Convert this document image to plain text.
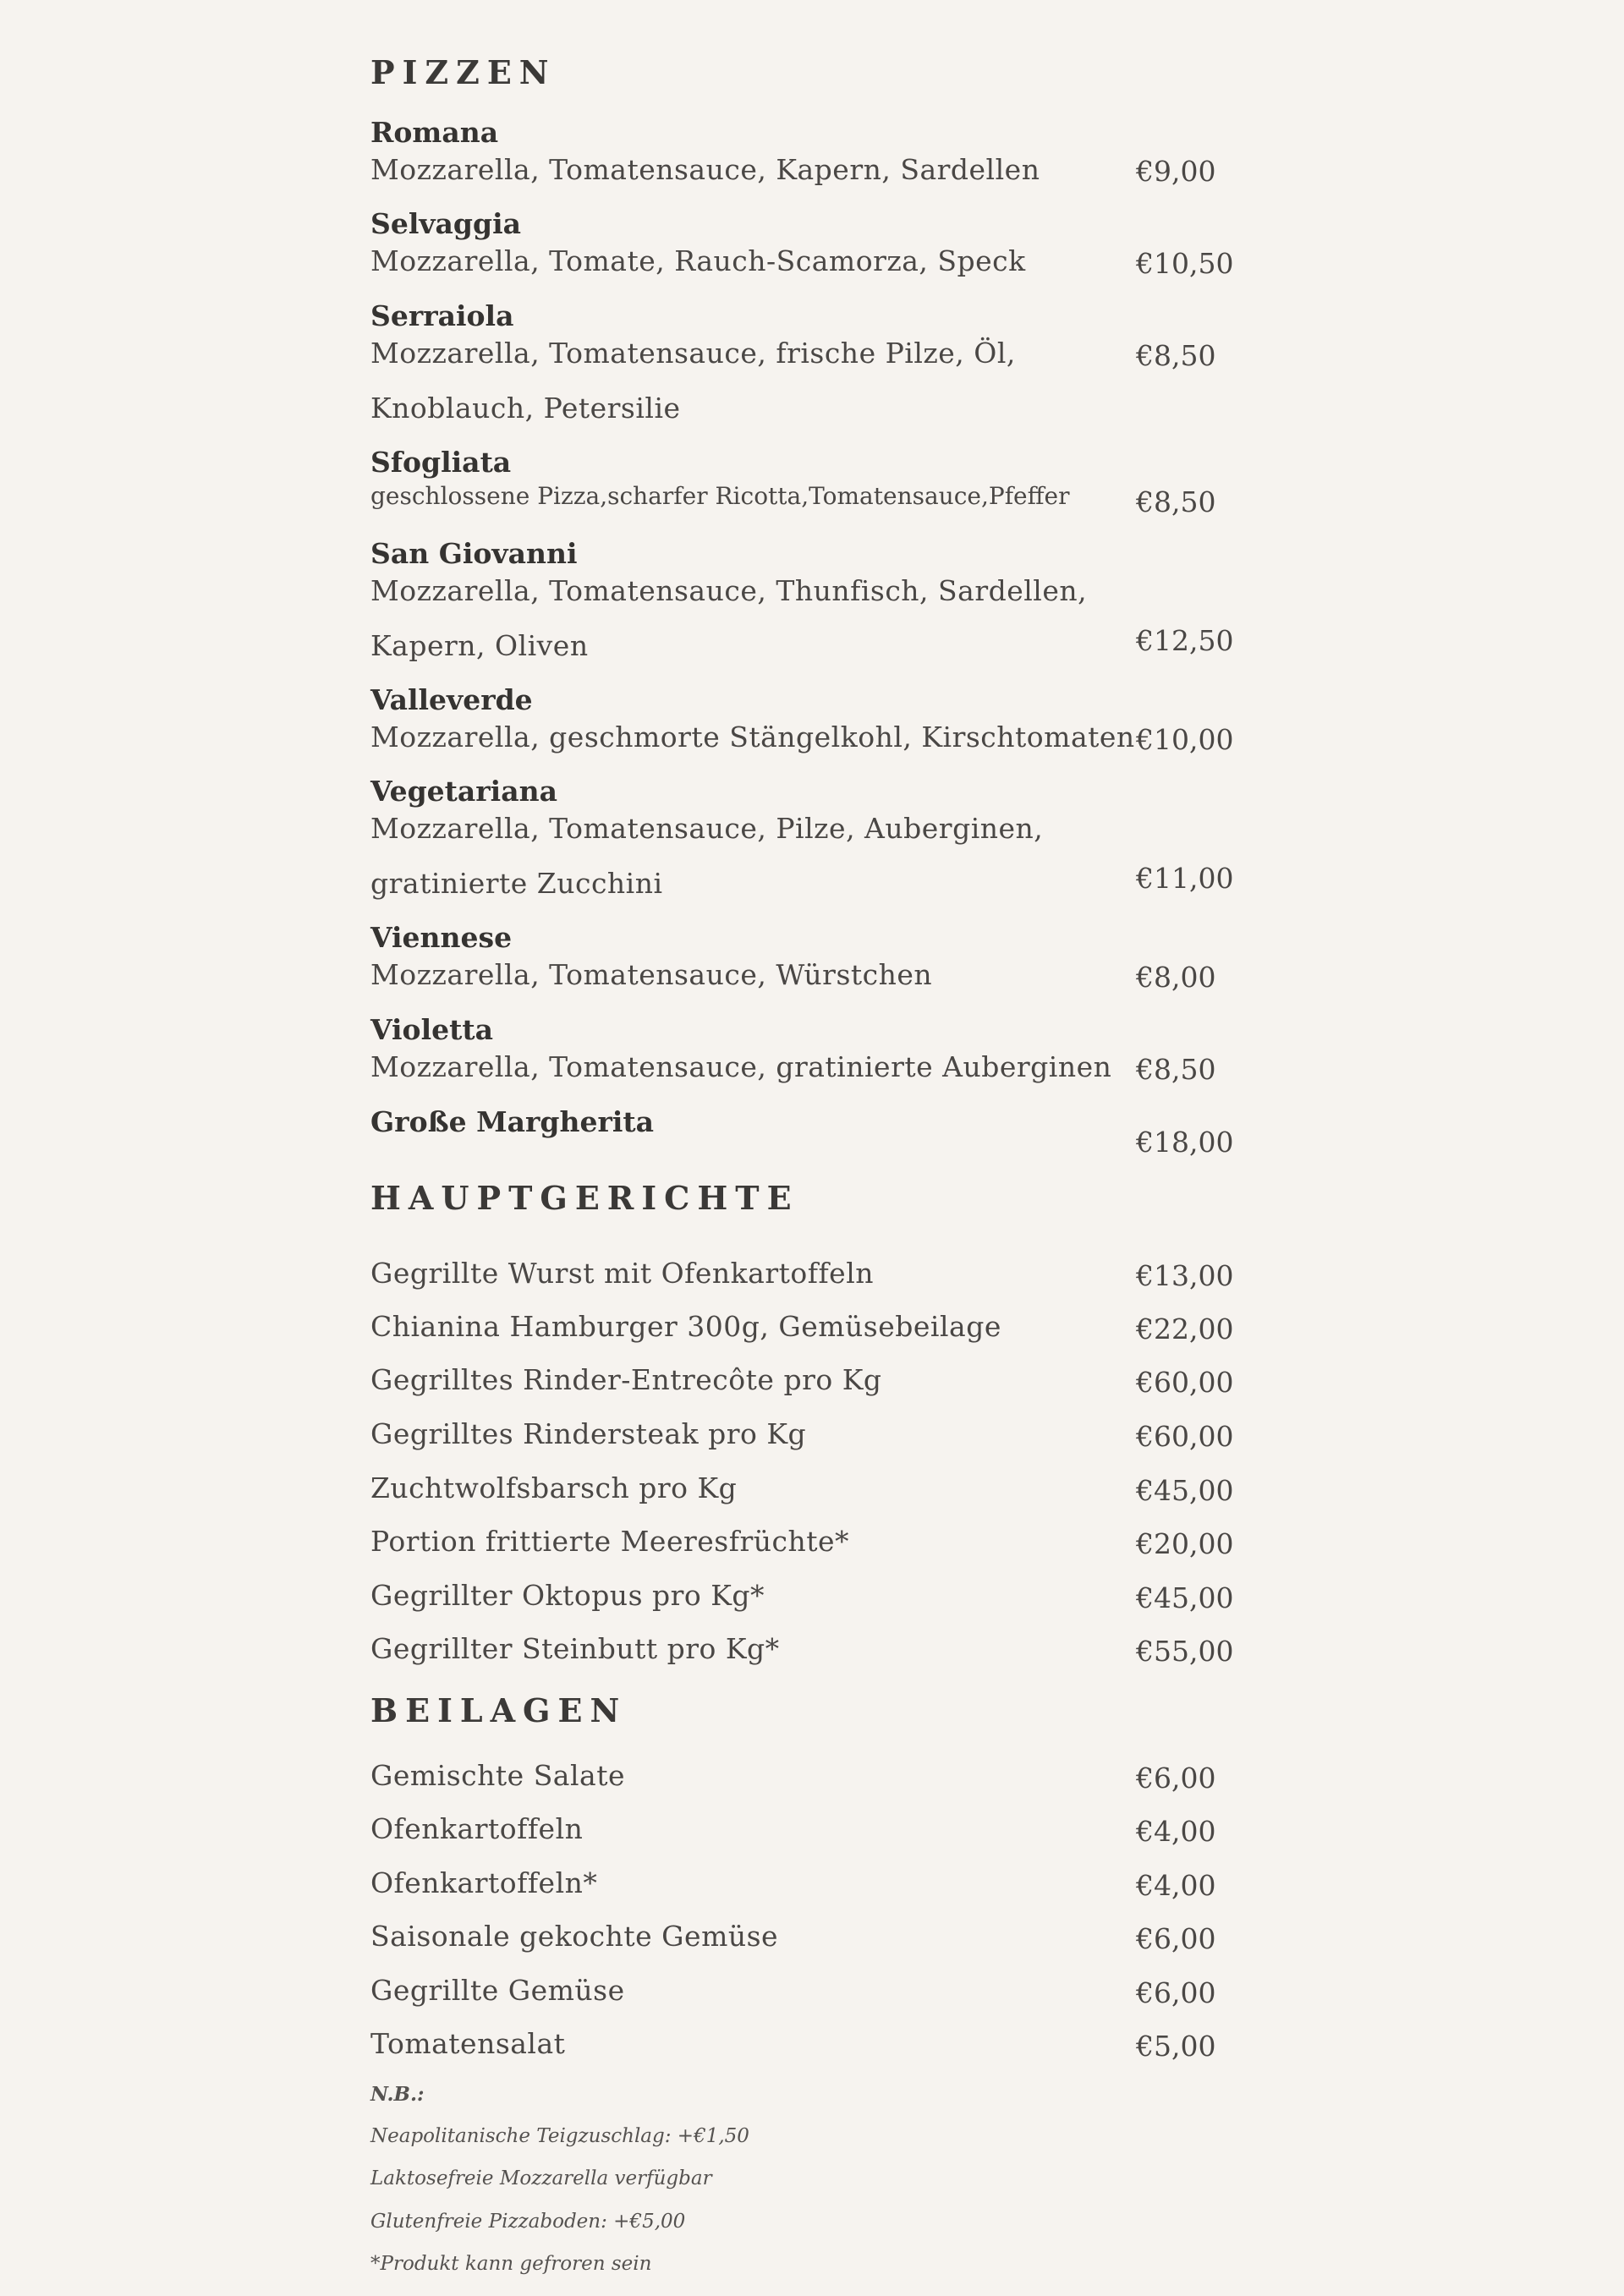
PIZZEN
Romana
Mozzarella, Tomatensauce, Kapern, Sardellen	€9,00
Selvaggia
Mozzarella, Tomate, Rauch-Scamorza, Speck	€10,50
Serraiola
Mozzarella, Tomatensauce, frische Pilze, Öl,
Knoblauch, Petersilie
€8,50
Sfogliata
geschlossene Pizza,scharfer Ricotta,Tomatensauce,Pfeffer €8,50
San Giovanni
Mozzarella, Tomatensauce, Thunfisch, Sardellen,
Kapern, Oliven	€12,50
Valleverde
Mozzarella, geschmorte Stängelkohl, Kirschtomaten €10,00
Vegetariana
Mozzarella, Tomatensauce, Pilze, Auberginen,
gratinierte Zucchini	€11,00
Viennese
Mozzarella, Tomatensauce, Würstchen	€8,00
Violetta
Mozzarella, Tomatensauce, gratinierte Auberginen €8,50
Große Margherita
€18,00
HAUPTGERICHTE
Gegrillte Wurst mit Ofenkartoffeln	€13,00
Chianina Hamburger 300g, Gemüsebeilage	€22,00
Gegrilltes Rinder-Entrecôte pro Kg	€60,00
Gegrilltes Rindersteak pro Kg	€60,00
Zuchtwolfsbarsch pro Kg	€45,00
Portion frittierte Meeresfrüchte*	€20,00
Gegrillter Oktopus pro Kg*	€45,00
Gegrillter Steinbutt pro Kg*	€55,00
BEILAGEN
Gemischte Salate	€6,00
Ofenkartoffeln	€4,00
Ofenkartoffeln*	€4,00
Saisonale gekochte Gemüse	€6,00
Gegrillte Gemüse	€6,00
Tomatensalat	€5,00
N.B.:
Neapolitanische Teigzuschlag: +€1,50
Laktosefreie Mozzarella verfügbar
Glutenfreie Pizzaboden: +€5,00
*Produkt kann gefroren sein
